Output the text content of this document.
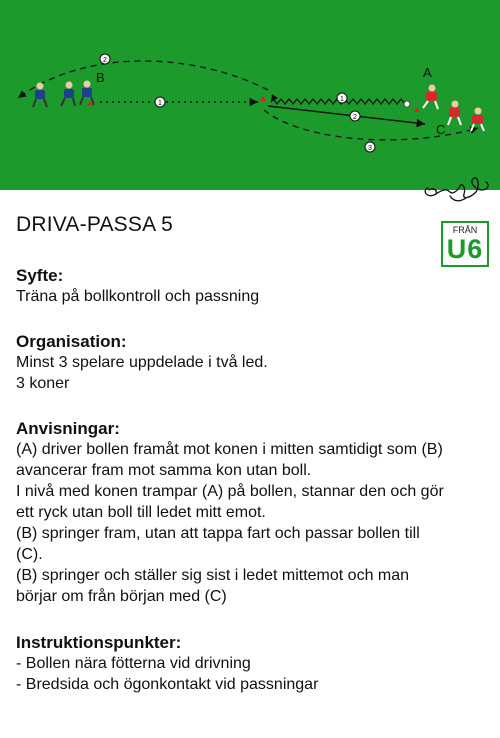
1
1
2
2
3
B	A
C
DRIVA-PASSA 5	FRÅN
U6
Syfte:

Träna på bollkontroll och passning

Organisation:

Minst 3 spelare uppdelade i två led.

3 koner

Anvisningar:

(A) driver bollen framåt mot konen i mitten samtidigt som (B)

avancerar fram mot samma kon utan boll.

I nivå med konen trampar (A) på bollen, stannar den och gör

ett ryck utan boll till ledet mitt emot.

(B) springer fram, utan att tappa fart och passar bollen till

(C).

(B) springer och ställer sig sist i ledet mittemot och man

börjar om från början med (C)

Instruktionspunkter:

- Bollen nära fötterna vid drivning

- Bredsida och ögonkontakt vid passningar
